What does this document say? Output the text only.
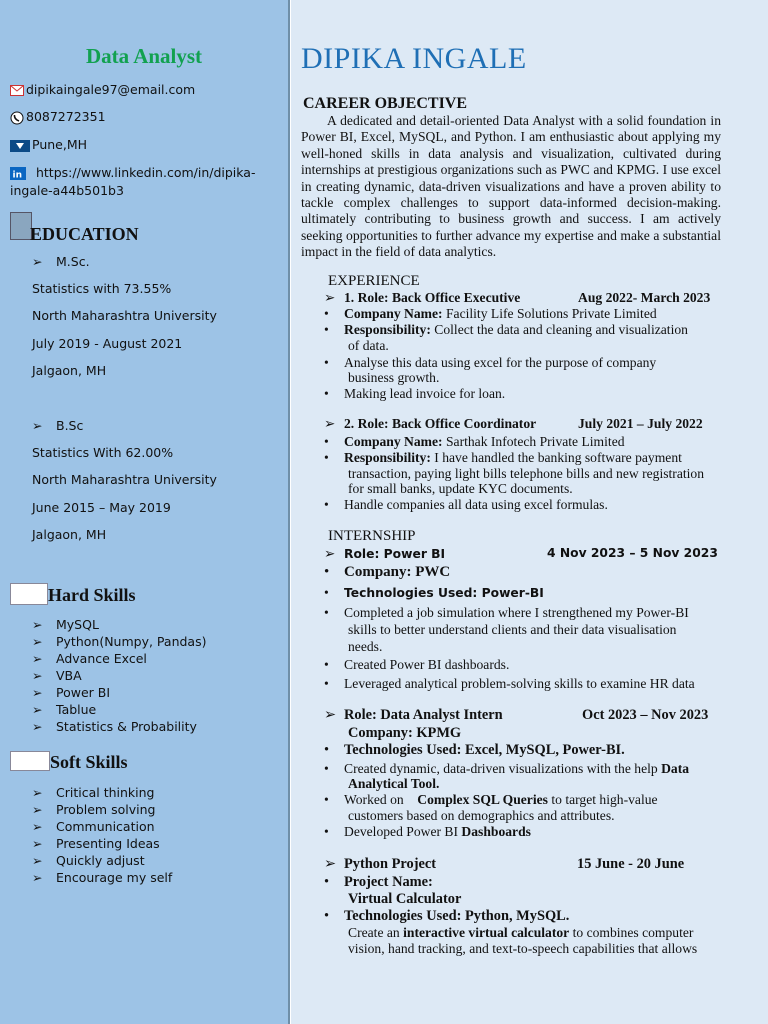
Data Analyst
dipikaingale97@email.com
8087272351
Pune,MH
in https://www.linkedin.com/in/dipika-
ingale-a44b501b3
EDUCATION
➢ M.Sc.
Statistics with 73.55%
North Maharashtra University
July 2019 - August 2021
Jalgaon, MH
➢ B.Sc
Statistics With 62.00%
North Maharashtra University
June 2015 – May 2019
Jalgaon, MH
Hard Skills
➢ MySQL
➢ Python(Numpy, Pandas)
➢ Advance Excel
➢ VBA
➢ Power BI
➢ Tablue
➢ Statistics & Probability
Soft Skills
➢ Critical thinking
➢ Problem solving
➢ Communication
➢ Presenting Ideas
➢ Quickly adjust
➢ Encourage my self
DIPIKA INGALE
CAREER OBJECTIVE
A dedicated and detail-oriented Data Analyst with a solid foundation in Power BI, Excel, MySQL, and Python. I am enthusiastic about applying my well-honed skills in data analysis and visualization, cultivated during internships at prestigious organizations such as PWC and KPMG. I use excel in creating dynamic, data-driven visualizations and have a proven ability to tackle complex challenges to support data-informed decision-making. ultimately contributing to business growth and success. I am actively seeking opportunities to further advance my expertise and make a substantial impact in the field of data analytics.
EXPERIENCE
➢ 1. Role: Back Office Executive	Aug 2022- March 2023
• Company Name: Facility Life Solutions Private Limited
• Responsibility: Collect the data and cleaning and visualization
of data.
• Analyse this data using excel for the purpose of company
business growth.
• Making lead invoice for loan.
➢ 2. Role: Back Office Coordinator	July 2021 – July 2022
• Company Name: Sarthak Infotech Private Limited
• Responsibility: I have handled the banking software payment
transaction, paying light bills telephone bills and new registration
for small banks, update KYC documents.
• Handle companies all data using excel formulas.
INTERNSHIP
➢ Role: Power BI	4 Nov 2023 – 5 Nov 2023
• Company: PWC
• Technologies Used: Power-BI
• Completed a job simulation where I strengthened my Power-BI
skills to better understand clients and their data visualisation
needs.
• Created Power BI dashboards.
• Leveraged analytical problem-solving skills to examine HR data
➢ Role: Data Analyst Intern	Oct 2023 – Nov 2023
Company: KPMG
• Technologies Used: Excel, MySQL, Power-BI.
• Created dynamic, data-driven visualizations with the help Data
Analytical Tool.
• Worked on Complex SQL Queries to target high-value
customers based on demographics and attributes.
• Developed Power BI Dashboards
➢ Python Project	15 June - 20 June
• Project Name:
Virtual Calculator
• Technologies Used: Python, MySQL.
Create an interactive virtual calculator to combines computer
vision, hand tracking, and text-to-speech capabilities that allows
